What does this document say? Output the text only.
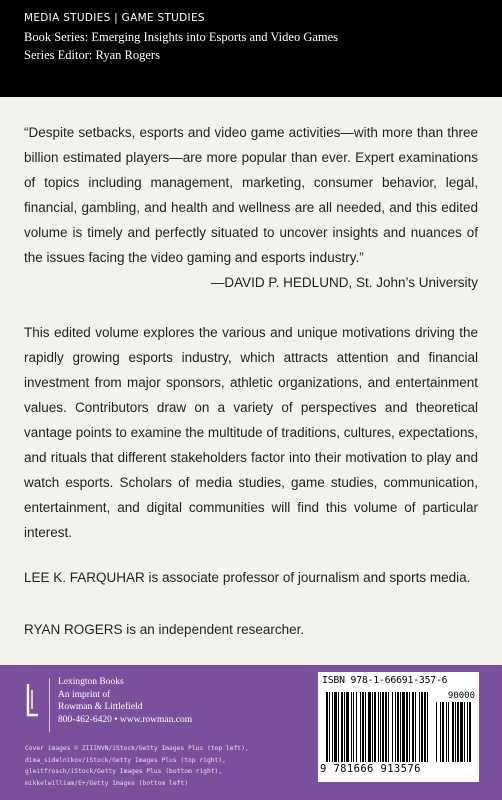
MEDIA STUDIES | GAME STUDIES
Book Series: Emerging Insights into Esports and Video Games
Series Editor: Ryan Rogers
“Despite setbacks, esports and video game activities—with more than three billion estimated players—are more popular than ever. Expert examinations of topics including management, marketing, consumer behavior, legal, financial, gambling, and health and wellness are all needed, and this edited volume is timely and perfectly situated to uncover insights and nuances of the issues facing the video gaming and esports industry.”
—DAVID P. HEDLUND, St. John’s University
This edited volume explores the various and unique motivations driving the rapidly growing esports industry, which attracts attention and financial investment from major sponsors, athletic organizations, and entertainment values. Contributors draw on a variety of perspectives and theoretical vantage points to examine the multitude of traditions, cultures, expectations, and rituals that different stakeholders factor into their motivation to play and watch esports. Scholars of media studies, game studies, communication, entertainment, and digital communities will find this volume of particular interest.
LEE K. FARQUHAR is associate professor of journalism and sports media.
RYAN ROGERS is an independent researcher.
Lexington Books
An imprint of
Rowman & Littlefield
800-462-6420 • www.rowman.com
Cover images © ZIIINVN/iStock/Getty Images Plus (top left), dima_sidelnikov/iStock/Getty Images Plus (top right), gleitfrosch/iStock/Getty Images Plus (bottom right), mikkelwilliam/E+/Getty Images (bottom left)
ISBN 978-1-66691-357-6
90000
9 781666 913576
